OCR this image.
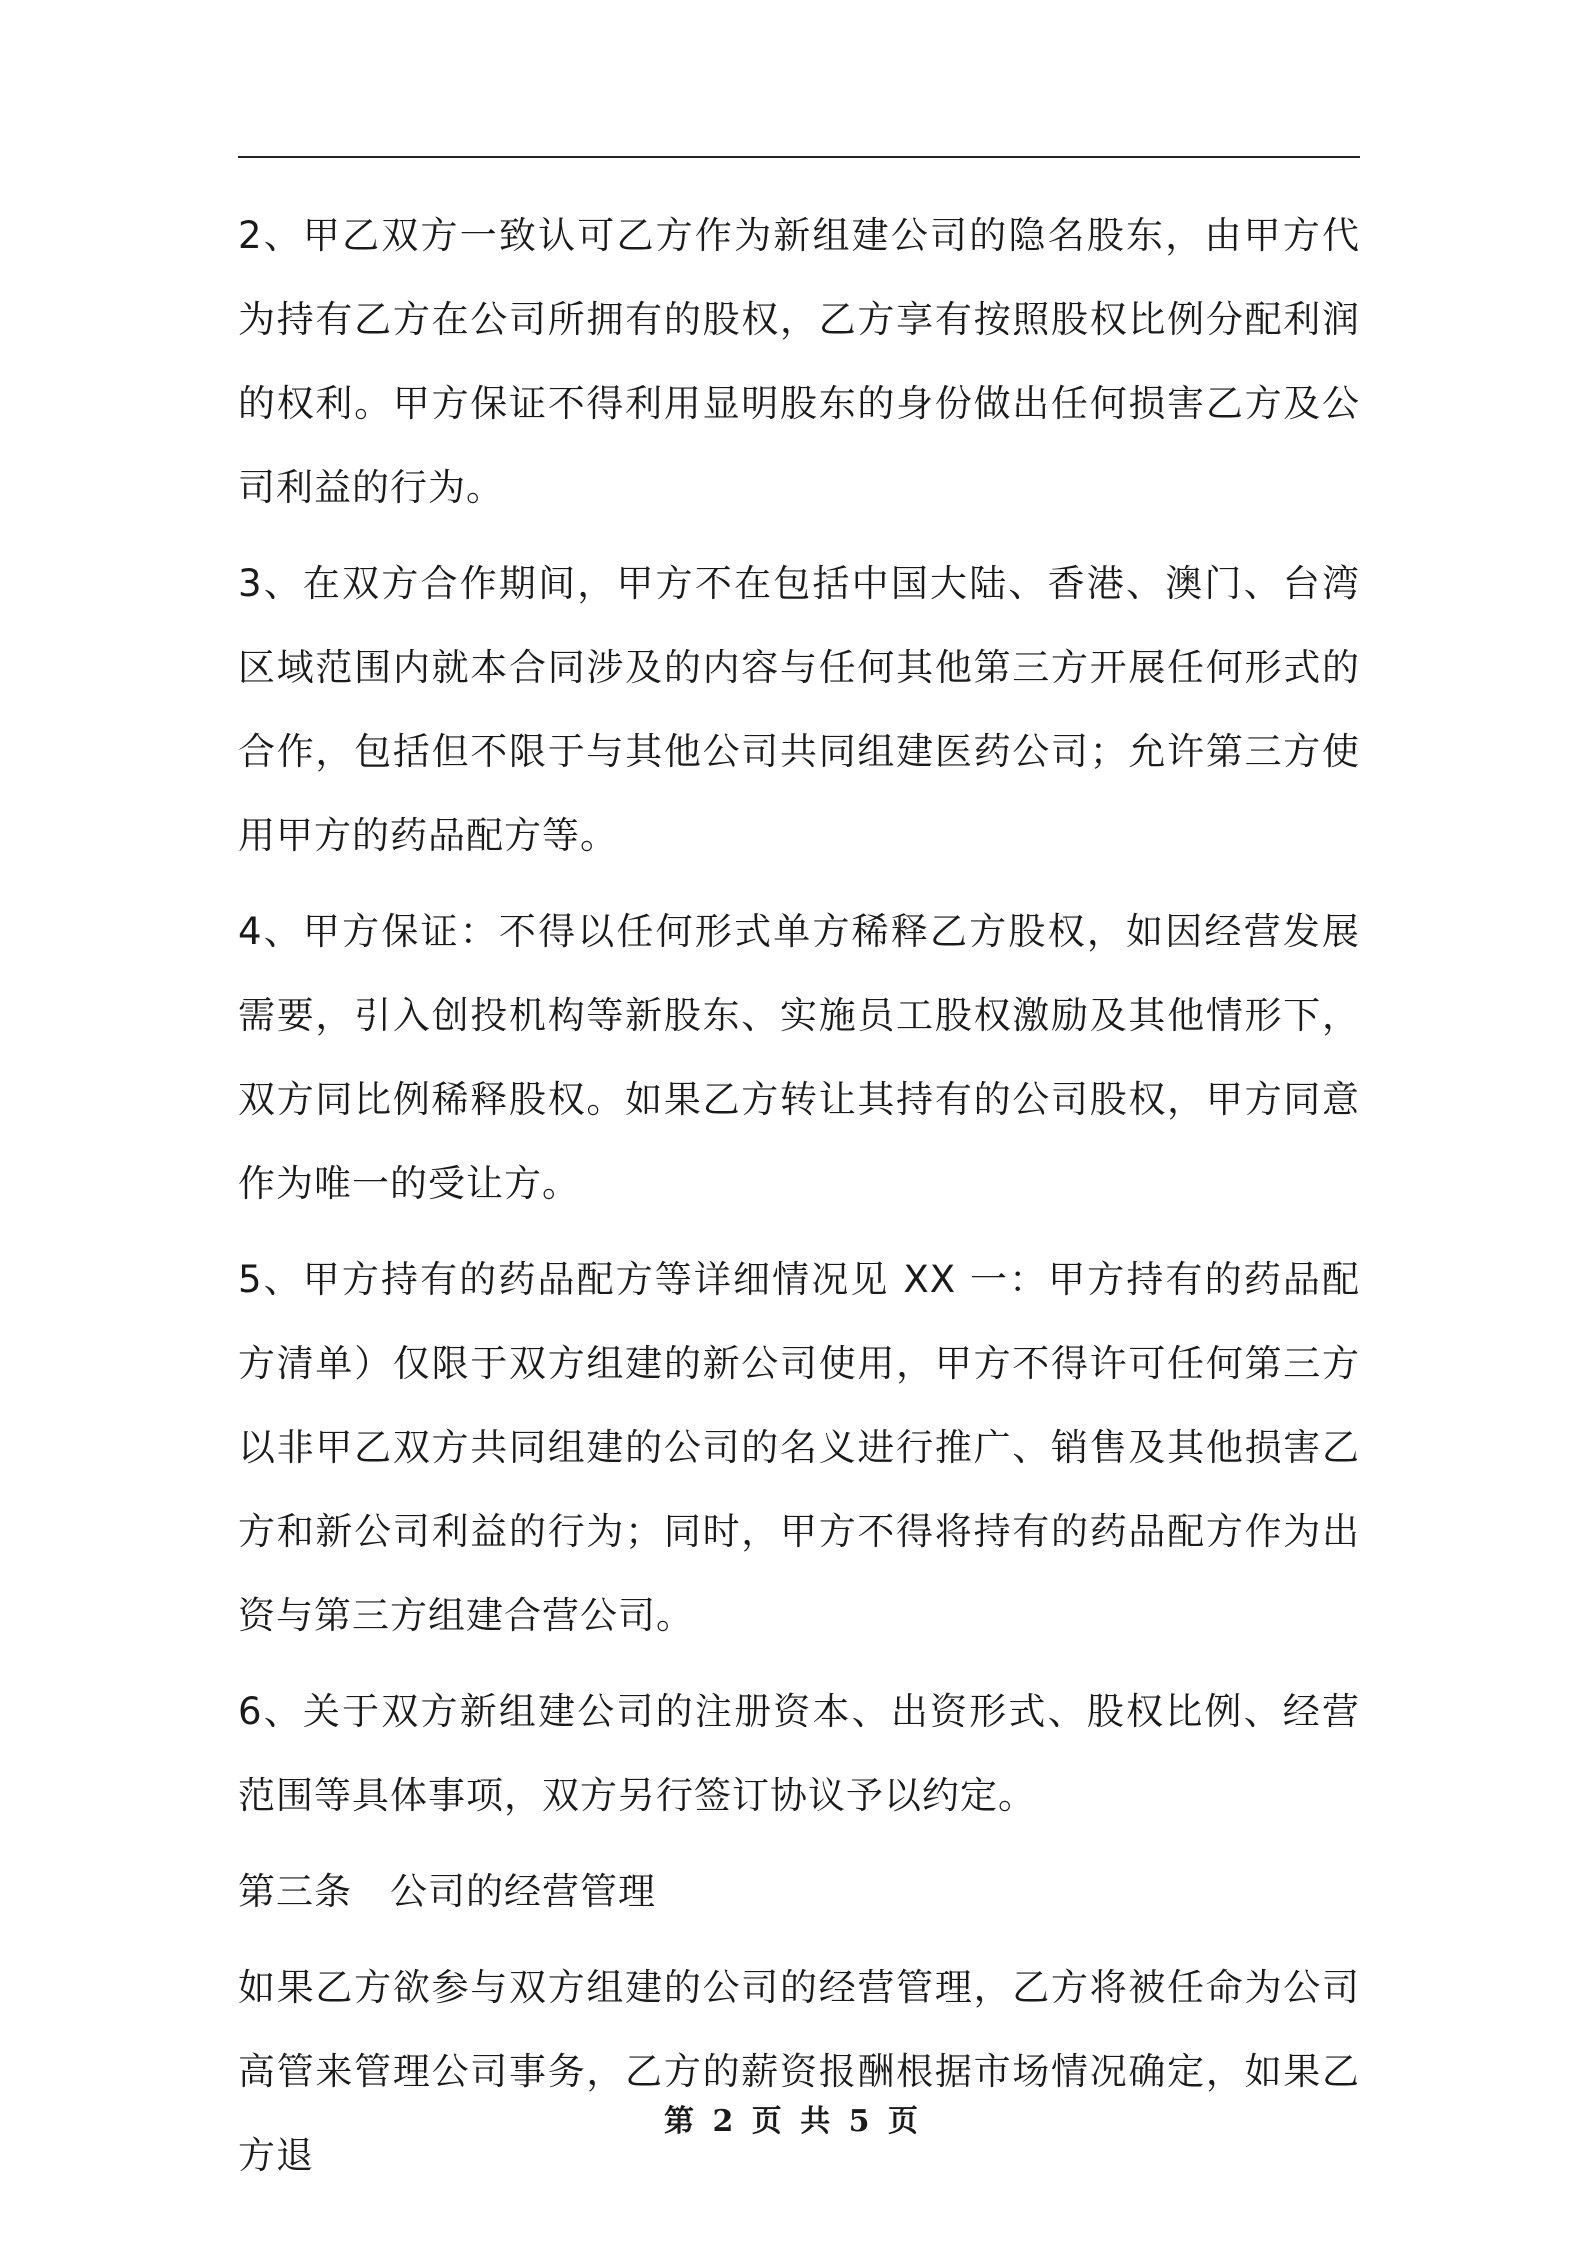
2、甲乙双方一致认可乙方作为新组建公司的隐名股东，由甲方代为持有乙方在公司所拥有的股权，乙方享有按照股权比例分配利润的权利。甲方保证不得利用显明股东的身份做出任何损害乙方及公司利益的行为。

3、在双方合作期间，甲方不在包括中国大陆、香港、澳门、台湾区域范围内就本合同涉及的内容与任何其他第三方开展任何形式的合作，包括但不限于与其他公司共同组建医药公司；允许第三方使用甲方的药品配方等。

4、甲方保证：不得以任何形式单方稀释乙方股权，如因经营发展需要，引入创投机构等新股东、实施员工股权激励及其他情形下，双方同比例稀释股权。如果乙方转让其持有的公司股权，甲方同意作为唯一的受让方。

5、甲方持有的药品配方等详细情况见 XX 一：甲方持有的药品配方清单）仅限于双方组建的新公司使用，甲方不得许可任何第三方以非甲乙双方共同组建的公司的名义进行推广、销售及其他损害乙方和新公司利益的行为；同时，甲方不得将持有的药品配方作为出资与第三方组建合营公司。

6、关于双方新组建公司的注册资本、出资形式、股权比例、经营范围等具体事项，双方另行签订协议予以约定。

第三条　公司的经营管理

如果乙方欲参与双方组建的公司的经营管理，乙方将被任命为公司高管来管理公司事务，乙方的薪资报酬根据市场情况确定，如果乙方退

第 2 页 共 5 页
